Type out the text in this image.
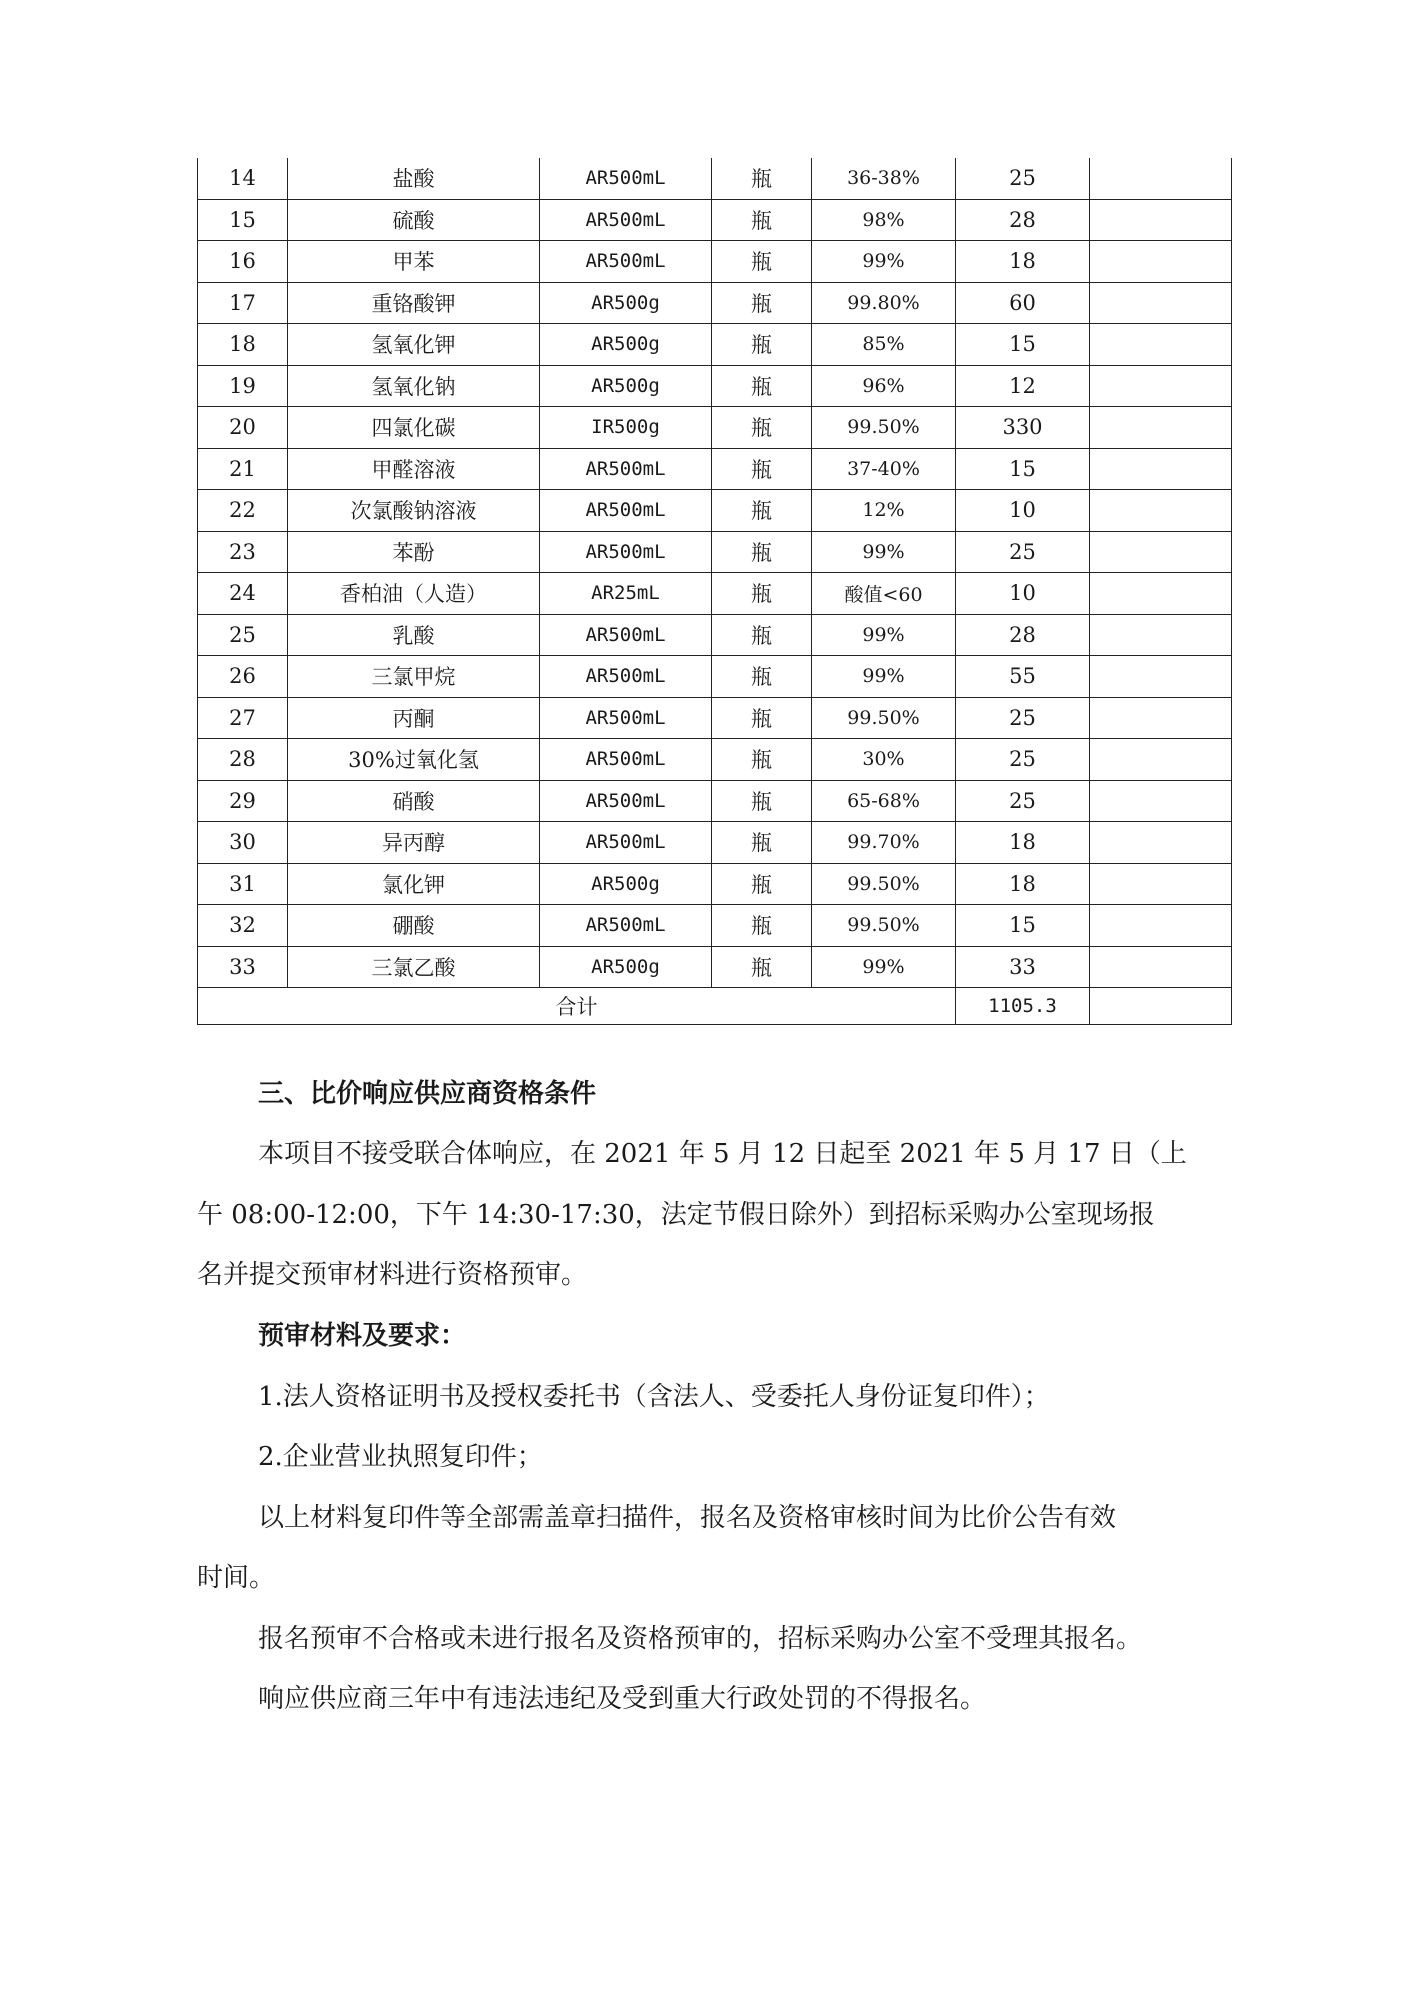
14	盐酸	AR500mL	瓶	36-38%	25	
15	硫酸	AR500mL	瓶	98%	28	
16	甲苯	AR500mL	瓶	99%	18	
17	重铬酸钾	AR500g	瓶	99.80%	60	
18	氢氧化钾	AR500g	瓶	85%	15	
19	氢氧化钠	AR500g	瓶	96%	12	
20	四氯化碳	IR500g	瓶	99.50%	330	
21	甲醛溶液	AR500mL	瓶	37-40%	15	
22	次氯酸钠溶液	AR500mL	瓶	12%	10	
23	苯酚	AR500mL	瓶	99%	25	
24	香柏油（人造）	AR25mL	瓶	酸值<60	10	
25	乳酸	AR500mL	瓶	99%	28	
26	三氯甲烷	AR500mL	瓶	99%	55	
27	丙酮	AR500mL	瓶	99.50%	25	
28	30%过氧化氢	AR500mL	瓶	30%	25	
29	硝酸	AR500mL	瓶	65-68%	25	
30	异丙醇	AR500mL	瓶	99.70%	18	
31	氯化钾	AR500g	瓶	99.50%	18	
32	硼酸	AR500mL	瓶	99.50%	15	
33	三氯乙酸	AR500g	瓶	99%	33	
合计					1105.3	
三、比价响应供应商资格条件
本项目不接受联合体响应，在 2021 年 5 月 12 日起至 2021 年 5 月 17 日（上
午 08:00-12:00，下午 14:30-17:30，法定节假日除外）到招标采购办公室现场报
名并提交预审材料进行资格预审。
预审材料及要求：
1.法人资格证明书及授权委托书（含法人、受委托人身份证复印件）；
2.企业营业执照复印件；
以上材料复印件等全部需盖章扫描件，报名及资格审核时间为比价公告有效
时间。
报名预审不合格或未进行报名及资格预审的，招标采购办公室不受理其报名。
响应供应商三年中有违法违纪及受到重大行政处罚的不得报名。
